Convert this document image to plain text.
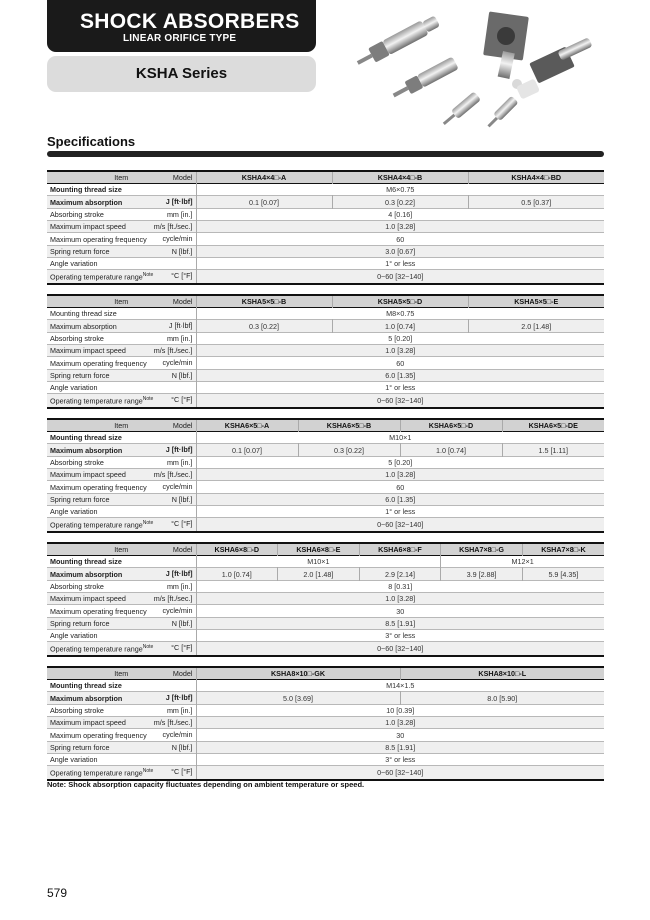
SHOCK ABSORBERS
LINEAR ORIFICE TYPE
KSHA Series
Specifications
Item Model	KSHA4×4□-A	KSHA4×4□-B	KSHA4×4□-BD
Mounting thread size	M6×0.75		
Maximum absorption J [ft·lbf]	0.1 [0.07]	0.3 [0.22]	0.5 [0.37]
Absorbing stroke mm [in.]	4 [0.16]		
Maximum impact speed m/s [ft./sec.]	1.0 [3.28]		
Maximum operating frequency cycle/min	60		
Spring return force N [lbf.]	3.0 [0.67]		
Angle variation	1° or less		
Operating temperature range$^{Note}$ °C [°F]	0~60 [32~140]		
Item Model	KSHA5×5□-B	KSHA5×5□-D	KSHA5×5□-E
Mounting thread size	M8×0.75		
Maximum absorption J [ft·lbf]	0.3 [0.22]	1.0 [0.74]	2.0 [1.48]
Absorbing stroke mm [in.]	5 [0.20]		
Maximum impact speed m/s [ft./sec.]	1.0 [3.28]		
Maximum operating frequency cycle/min	60		
Spring return force N [lbf.]	6.0 [1.35]		
Angle variation	1° or less		
Operating temperature range$^{Note}$ °C [°F]	0~60 [32~140]		
Item Model	KSHA6×5□-A	KSHA6×5□-B	KSHA6×5□-D	KSHA6×5□-DE
Mounting thread size	M10×1			
Maximum absorption J [ft·lbf]	0.1 [0.07]	0.3 [0.22]	1.0 [0.74]	1.5 [1.11]
Absorbing stroke mm [in.]	5 [0.20]			
Maximum impact speed m/s [ft./sec.]	1.0 [3.28]			
Maximum operating frequency cycle/min	60			
Spring return force N [lbf.]	6.0 [1.35]			
Angle variation	1° or less			
Operating temperature range$^{Note}$ °C [°F]	0~60 [32~140]			
Item Model	KSHA6×8□-D	KSHA6×8□-E	KSHA6×8□-F	KSHA7×8□-G	KSHA7×8□-K
Mounting thread size	M10×1			M12×1	
Maximum absorption J [ft·lbf]	1.0 [0.74]	2.0 [1.48]	2.9 [2.14]	3.9 [2.88]	5.9 [4.35]
Absorbing stroke mm [in.]	8 [0.31]				
Maximum impact speed m/s [ft./sec.]	1.0 [3.28]				
Maximum operating frequency cycle/min	30				
Spring return force N [lbf.]	8.5 [1.91]				
Angle variation	3° or less				
Operating temperature range$^{Note}$ °C [°F]	0~60 [32~140]				
Item Model	KSHA8×10□-GK	KSHA8×10□-L
Mounting thread size	M14×1.5	
Maximum absorption J [ft·lbf]	5.0 [3.69]	8.0 [5.90]
Absorbing stroke mm [in.]	10 [0.39]	
Maximum impact speed m/s [ft./sec.]	1.0 [3.28]	
Maximum operating frequency cycle/min	30	
Spring return force N [lbf.]	8.5 [1.91]	
Angle variation	3° or less	
Operating temperature range$^{Note}$ °C [°F]	0~60 [32~140]	
Note: Shock absorption capacity fluctuates depending on ambient temperature or speed.
579
